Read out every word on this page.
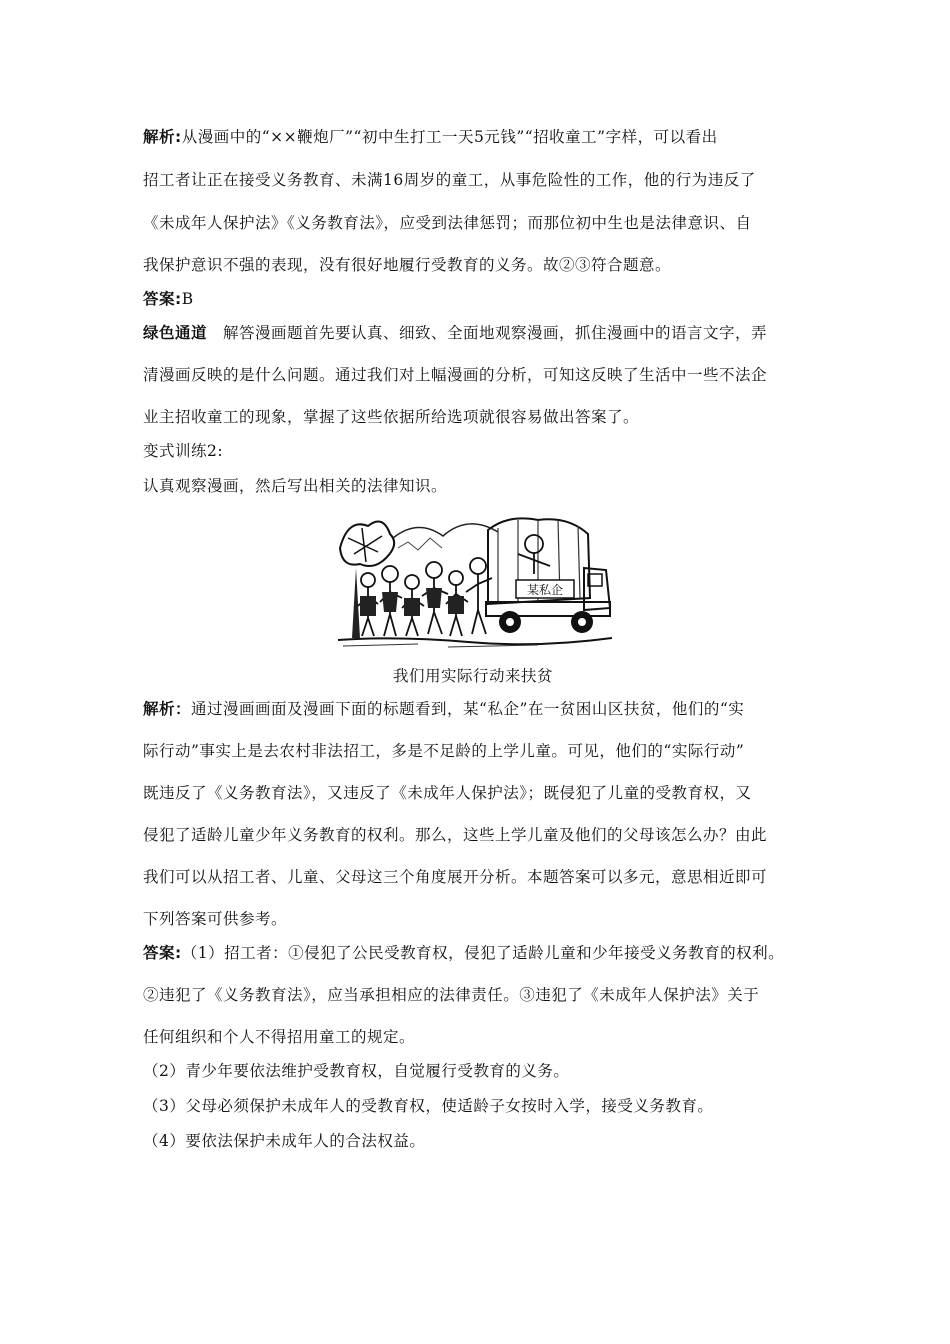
解析:从漫画中的“××鞭炮厂”“初中生打工一天5元钱”“招收童工”字样，可以看出
招工者让正在接受义务教育、未满16周岁的童工，从事危险性的工作，他的行为违反了
《未成年人保护法》《义务教育法》，应受到法律惩罚；而那位初中生也是法律意识、自
我保护意识不强的表现，没有很好地履行受教育的义务。故②③符合题意。
答案:B
绿色通道 解答漫画题首先要认真、细致、全面地观察漫画，抓住漫画中的语言文字，弄
清漫画反映的是什么问题。通过我们对上幅漫画的分析，可知这反映了生活中一些不法企
业主招收童工的现象，掌握了这些依据所给选项就很容易做出答案了。
变式训练2:
认真观察漫画，然后写出相关的法律知识。
某私企
我们用实际行动来扶贫
解析：通过漫画画面及漫画下面的标题看到，某“私企”在一贫困山区扶贫，他们的“实
际行动”事实上是去农村非法招工，多是不足龄的上学儿童。可见，他们的“实际行动”
既违反了《义务教育法》，又违反了《未成年人保护法》；既侵犯了儿童的受教育权，又
侵犯了适龄儿童少年义务教育的权利。那么，这些上学儿童及他们的父母该怎么办？由此
我们可以从招工者、儿童、父母这三个角度展开分析。本题答案可以多元，意思相近即可
下列答案可供参考。
答案:（1）招工者：①侵犯了公民受教育权，侵犯了适龄儿童和少年接受义务教育的权利。
②违犯了《义务教育法》，应当承担相应的法律责任。③违犯了《未成年人保护法》关于
任何组织和个人不得招用童工的规定。
（2）青少年要依法维护受教育权，自觉履行受教育的义务。
（3）父母必须保护未成年人的受教育权，使适龄子女按时入学，接受义务教育。
（4）要依法保护未成年人的合法权益。
